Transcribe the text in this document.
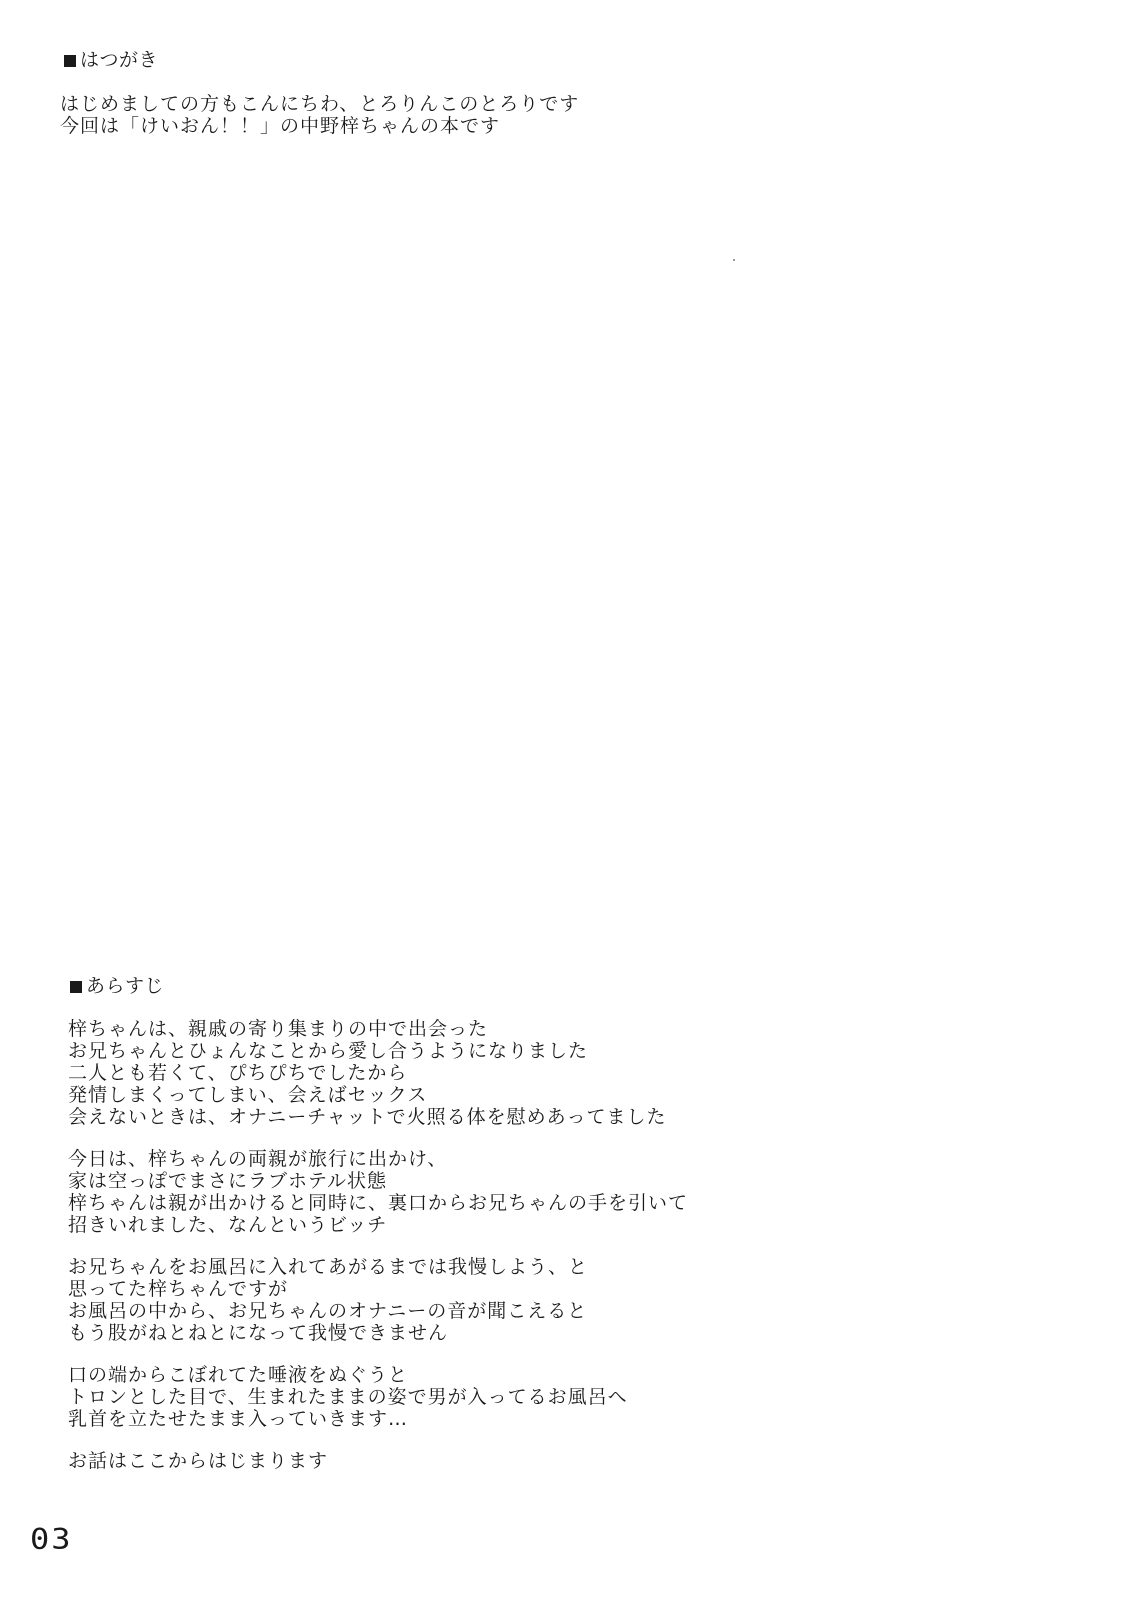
はつがき
はじめましての方もこんにちわ、とろりんこのとろりです
今回は「けいおん！！」の中野梓ちゃんの本です
あらすじ
梓ちゃんは、親戚の寄り集まりの中で出会った
お兄ちゃんとひょんなことから愛し合うようになりました
二人とも若くて、ぴちぴちでしたから
発情しまくってしまい、会えばセックス
会えないときは、オナニーチャットで火照る体を慰めあってました
今日は、梓ちゃんの両親が旅行に出かけ、
家は空っぽでまさにラブホテル状態
梓ちゃんは親が出かけると同時に、裏口からお兄ちゃんの手を引いて
招きいれました、なんというビッチ
お兄ちゃんをお風呂に入れてあがるまでは我慢しよう、と
思ってた梓ちゃんですが
お風呂の中から、お兄ちゃんのオナニーの音が聞こえると
もう股がねとねとになって我慢できません
口の端からこぼれてた唾液をぬぐうと
トロンとした目で、生まれたままの姿で男が入ってるお風呂へ
乳首を立たせたまま入っていきます…
お話はここからはじまります
03
